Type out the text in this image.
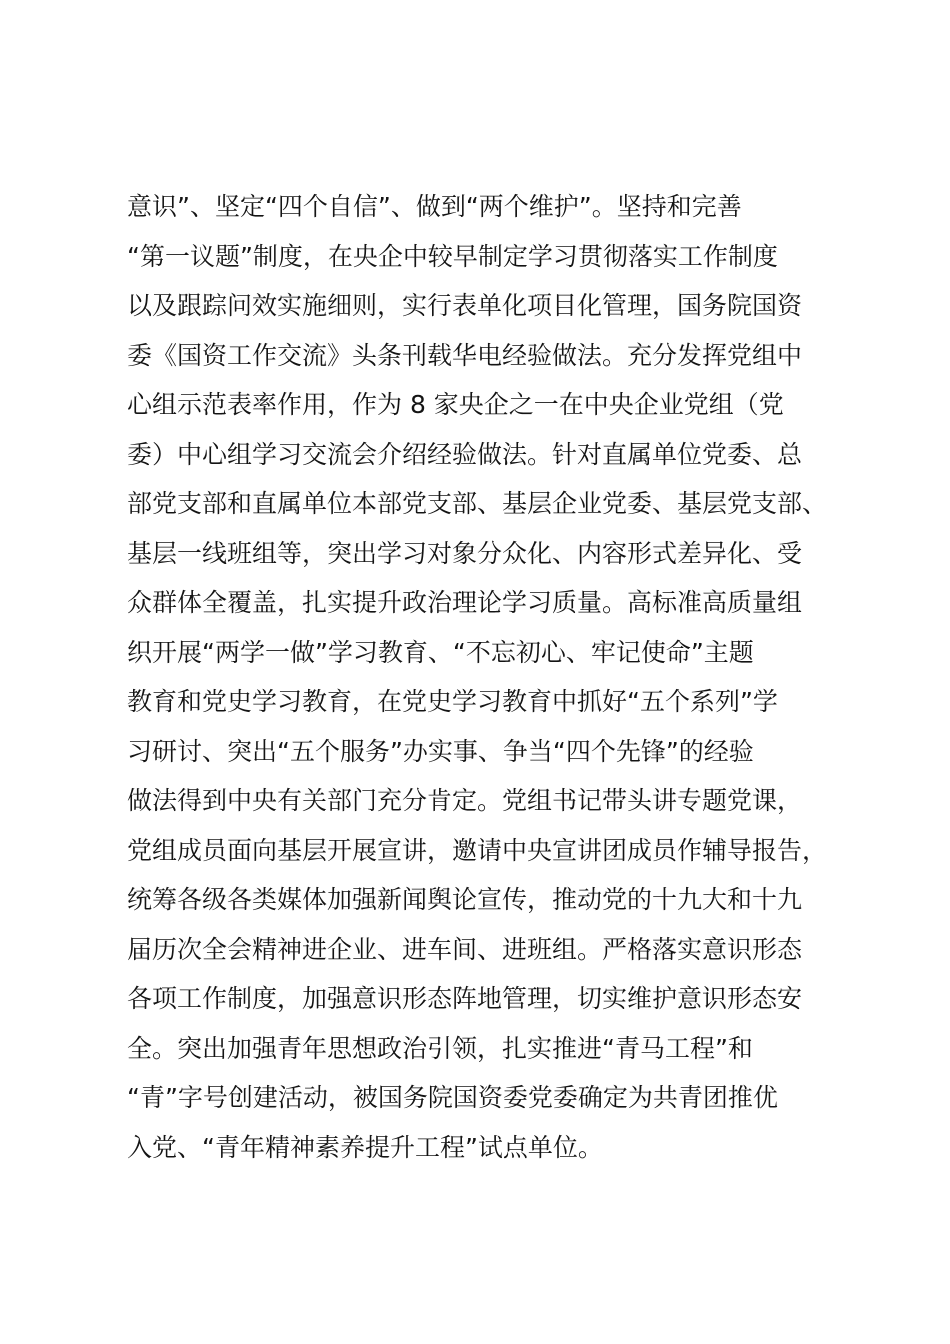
意识”、坚定“四个自信”、做到“两个维护”。坚持和完善
“第一议题”制度，在央企中较早制定学习贯彻落实工作制度
以及跟踪问效实施细则，实行表单化项目化管理，国务院国资
委《国资工作交流》头条刊载华电经验做法。充分发挥党组中
心组示范表率作用，作为 8 家央企之一在中央企业党组（党
委）中心组学习交流会介绍经验做法。针对直属单位党委、总
部党支部和直属单位本部党支部、基层企业党委、基层党支部、
基层一线班组等，突出学习对象分众化、内容形式差异化、受
众群体全覆盖，扎实提升政治理论学习质量。高标准高质量组
织开展“两学一做”学习教育、“不忘初心、牢记使命”主题
教育和党史学习教育，在党史学习教育中抓好“五个系列”学
习研讨、突出“五个服务”办实事、争当“四个先锋”的经验
做法得到中央有关部门充分肯定。党组书记带头讲专题党课，
党组成员面向基层开展宣讲，邀请中央宣讲团成员作辅导报告，
统筹各级各类媒体加强新闻舆论宣传，推动党的十九大和十九
届历次全会精神进企业、进车间、进班组。严格落实意识形态
各项工作制度，加强意识形态阵地管理，切实维护意识形态安
全。突出加强青年思想政治引领，扎实推进“青马工程”和
“青”字号创建活动，被国务院国资委党委确定为共青团推优
入党、“青年精神素养提升工程”试点单位。
